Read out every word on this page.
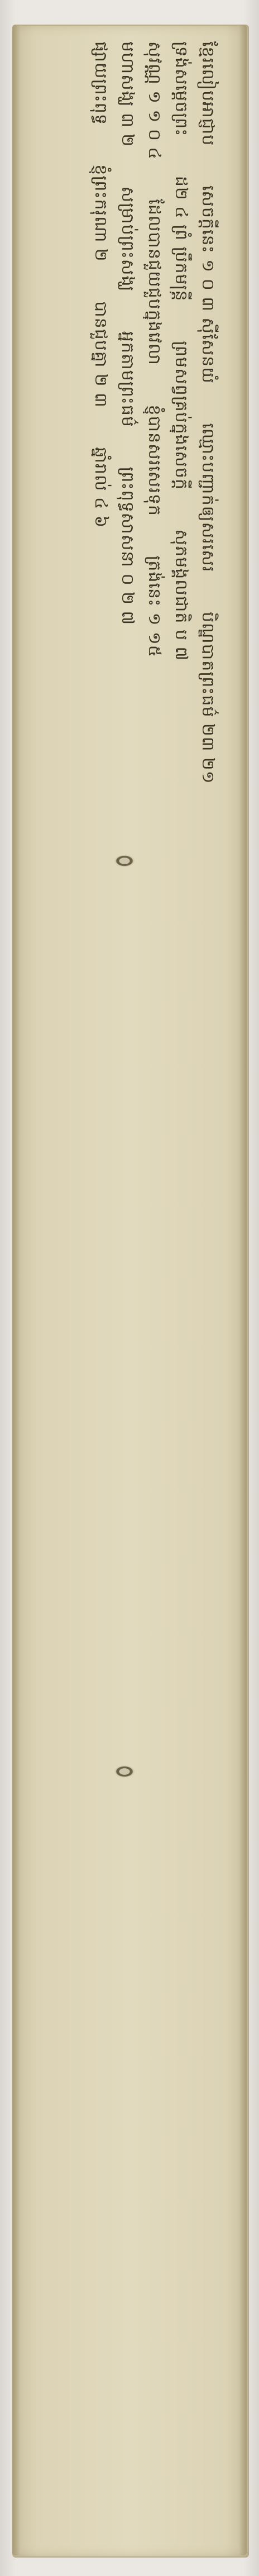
ខ្មែរលៀបអាជ្ញាប សេចក្តីនេះ ១ ០ ៣ ស៊ីសែនយំ ឈ្មោះបញ្ជាក់ឲ្យសរសេរ បិណ្ឌបាតព្រះធម៌ ២៣ ២១
ទ្រង់សម្តេចព្រះ ដ២ ៤ ព្រំ ប្រឹកមន្ត្រី ព្រមសព្វគ្រប់ក្នុងសេចក្តី សុភមង្គលជាតិ ប ៧
សុវណ្ណ ១ ១ ០ ៤ ដែលបានជួយជួបក្នុងវេលា ខ្ញុំបានសរសេរទុក ត្រង់នេះ ១ ១៥
មហាសង្ឃ ៣ ២ សម្រាប់ព្រះសង្ឃ អ្នកតាមព្រះធម៌ ព្រះពុទ្ធសាសនា ០ ២ ៧
ផ្សាយព្រះពុទ្ធ ខ្ញុំព្រះករុណា ២ បានជួបគ្នា ២ ៣ ឆ្នាំរាល់ ៤ ៦
